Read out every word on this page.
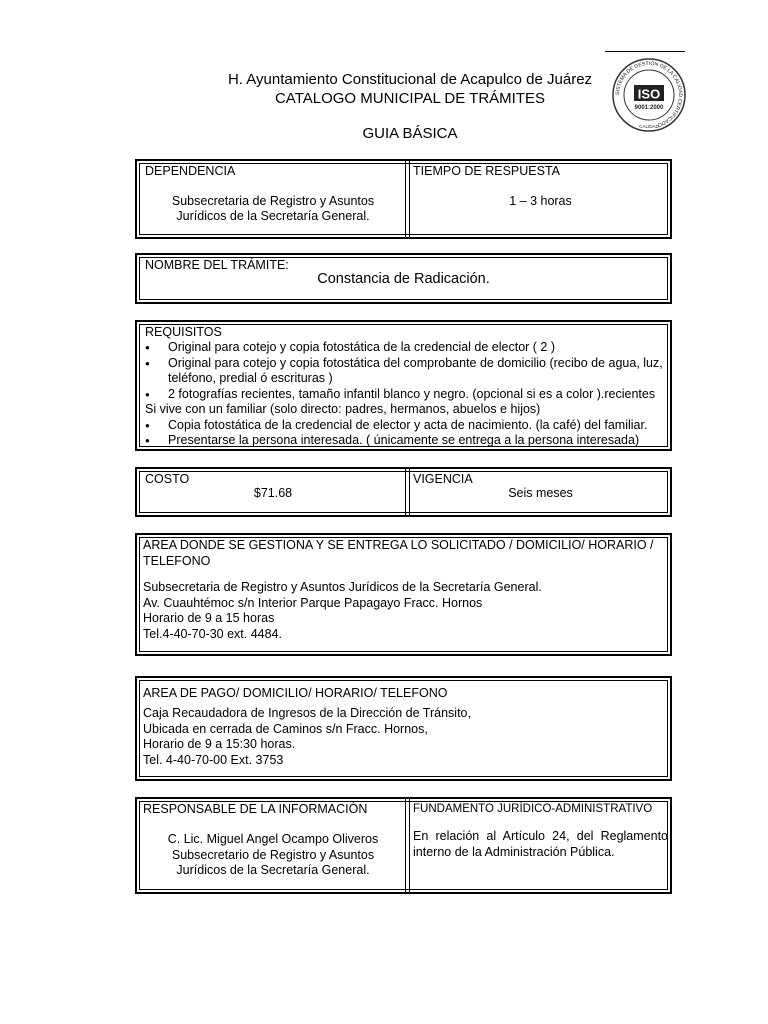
H. Ayuntamiento Constitucional de Acapulco de Juárez
CATALOGO MUNICIPAL DE TRÁMITES
GUIA BÁSICA
SISTEMA DE GESTIÓN DE LA CALIDAD CERTIFICADO
ISO
9001:2000
CALIDAD
DEPENDENCIA
Subsecretaria de Registro y Asuntos
Jurídicos de la Secretaría General.
TIEMPO DE RESPUESTA
1 – 3 horas
NOMBRE DEL TRÁMITE:
Constancia de Radicación.
REQUISITOS
● Original para cotejo y copia fotostática de la credencial de elector ( 2 )
● Original para cotejo y copia fotostática del comprobante de domicilio (recibo de agua, luz, teléfono, predial ó escrituras )
● 2 fotografías recientes, tamaño infantil blanco y negro. (opcional si es a color ).recientes
Si vive con un familiar (solo directo: padres, hermanos, abuelos e hijos)
● Copia fotostática de la credencial de elector y acta de nacimiento. (la café) del familiar.
● Presentarse la persona interesada. ( únicamente se entrega a la persona interesada)
COSTO
$71.68
VIGENCIA
Seis meses
AREA DONDE SE GESTIONA Y SE ENTREGA LO SOLICITADO / DOMICILIO/ HORARIO /
TELEFONO
Subsecretaria de Registro y Asuntos Jurídicos de la Secretaría General.
Av. Cuauhtémoc s/n Interior Parque Papagayo Fracc. Hornos
Horario de 9 a 15 horas
Tel.4-40-70-30 ext. 4484.
AREA DE PAGO/ DOMICILIO/ HORARIO/ TELEFONO
Caja Recaudadora de Ingresos de la Dirección de Tránsito,
Ubicada en cerrada de Caminos s/n Fracc. Hornos,
Horario de 9 a 15:30 horas.
Tel. 4-40-70-00 Ext. 3753
RESPONSABLE DE LA INFORMACIÓN
C. Lic. Miguel Angel Ocampo Oliveros
Subsecretario de Registro y Asuntos
Jurídicos de la Secretaría General.
FUNDAMENTO JURÍDICO-ADMINISTRATIVO
En relación al Artículo 24, del Reglamento
interno de la Administración Pública.
